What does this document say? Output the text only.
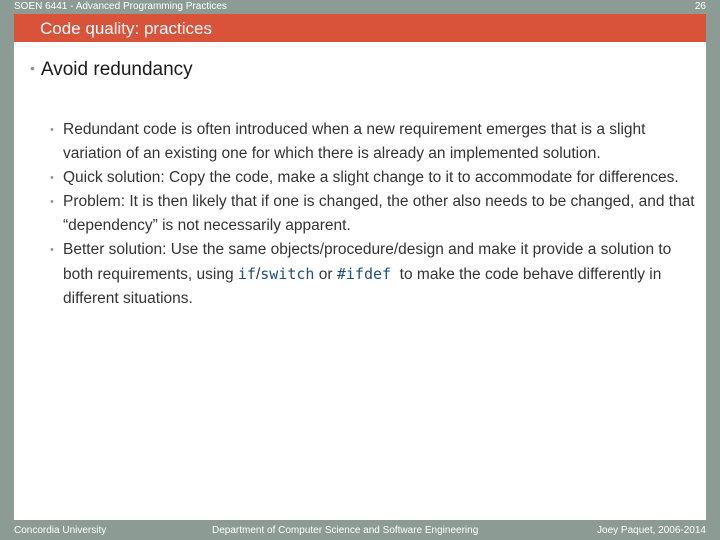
SOEN 6441 - Advanced Programming Practices	26
Code quality: practices
• Avoid redundancy
• Redundant code is often introduced when a new requirement emerges that is a slight variation of an existing one for which there is already an implemented solution.
• Quick solution: Copy the code, make a slight change to it to accommodate for differences.
• Problem: It is then likely that if one is changed, the other also needs to be changed, and that “dependency” is not necessarily apparent.
• Better solution: Use the same objects/procedure/design and make it provide a solution to both requirements, using if/switch or #ifdef  to make the code behave differently in different situations.
Concordia University	Department of Computer Science and Software Engineering	Joey Paquet, 2006-2014
